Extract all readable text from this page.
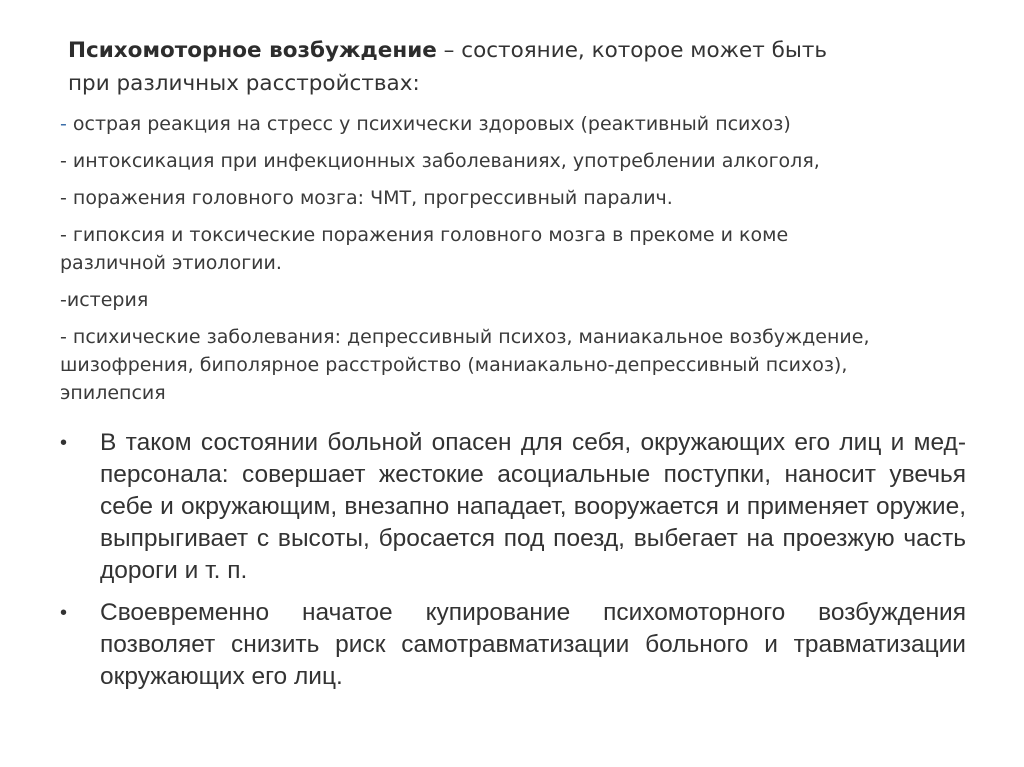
Психомоторное возбуждение – состояние, которое может быть
при различных расстройствах:
- острая реакция на стресс у психически здоровых (реактивный психоз)
- интоксикация при инфекционных заболеваниях, употреблении алкоголя,
- поражения головного мозга: ЧМТ, прогрессивный паралич.
- гипоксия и токсические поражения головного мозга в прекоме и коме различной этиологии.
-истерия
- психические заболевания: депрессивный психоз, маниакальное возбуждение, шизофрения, биполярное расстройство (маниакально-депрессивный психоз), эпилепсия
• В таком состоянии больной опасен для себя, окружающих его лиц и мед- персонала: совершает жестокие асоциальные поступки, наносит увечья себе и окружающим, внезапно нападает, вооружается и применяет оружие, выпрыгивает с высоты, бросается под поезд, выбегает на проезжую часть дороги и т. п.
• Своевременно начатое купирование психомоторного возбуждения позволяет снизить риск самотравматизации больного и травматизации окружающих его лиц.
